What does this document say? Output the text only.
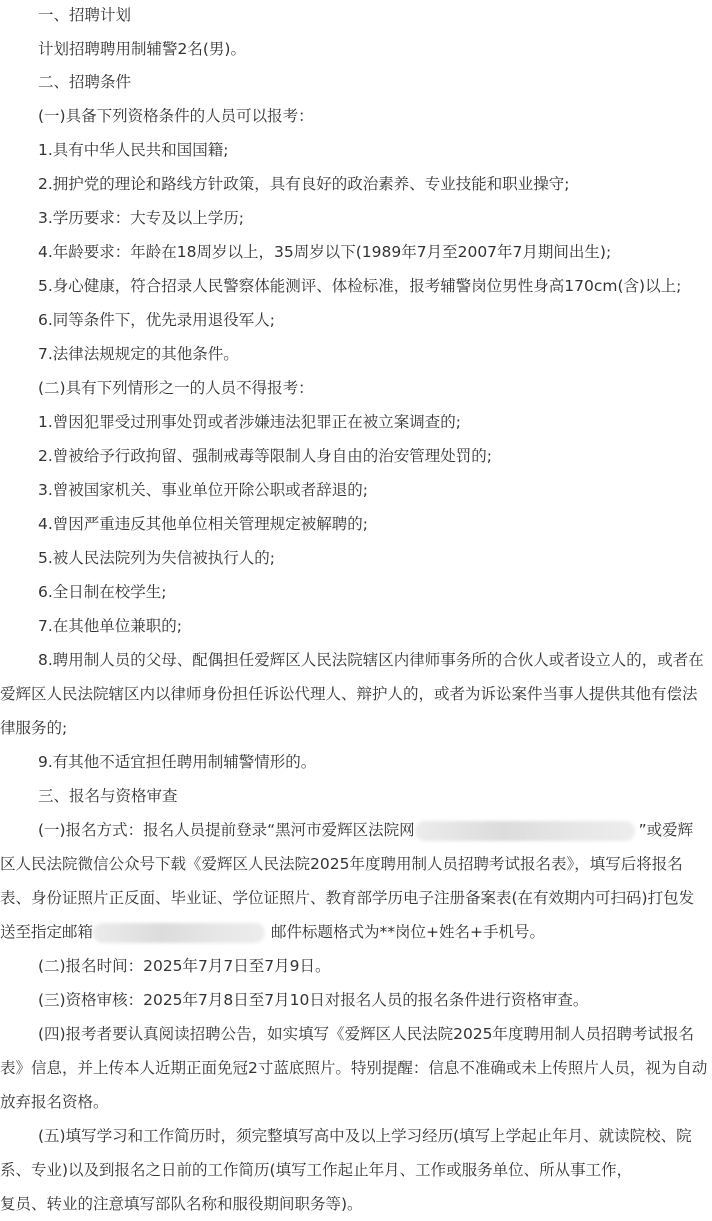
一、招聘计划

计划招聘聘用制辅警2名(男)。

二、招聘条件

(一)具备下列资格条件的人员可以报考：

1.具有中华人民共和国国籍;

2.拥护党的理论和路线方针政策，具有良好的政治素养、专业技能和职业操守;

3.学历要求：大专及以上学历;

4.年龄要求：年龄在18周岁以上，35周岁以下(1989年7月至2007年7月期间出生);

5.身心健康，符合招录人民警察体能测评、体检标准，报考辅警岗位男性身高170cm(含)以上;

6.同等条件下，优先录用退役军人;

7.法律法规规定的其他条件。

(二)具有下列情形之一的人员不得报考：

1.曾因犯罪受过刑事处罚或者涉嫌违法犯罪正在被立案调查的;

2.曾被给予行政拘留、强制戒毒等限制人身自由的治安管理处罚的;

3.曾被国家机关、事业单位开除公职或者辞退的;

4.曾因严重违反其他单位相关管理规定被解聘的;

5.被人民法院列为失信被执行人的;

6.全日制在校学生;

7.在其他单位兼职的;

8.聘用制人员的父母、配偶担任爱辉区人民法院辖区内律师事务所的合伙人或者设立人的，或者在爱辉区人民法院辖区内以律师身份担任诉讼代理人、辩护人的，或者为诉讼案件当事人提供其他有偿法律服务的;

9.有其他不适宜担任聘用制辅警情形的。

三、报名与资格审查

(一)报名方式：报名人员提前登录“黑河市爱辉区法院网	”或爱辉区人民法院微信公众号下载《爱辉区人民法院2025年度聘用制人员招聘考试报名表》，填写后将报名表、身份证照片正反面、毕业证、学位证照片、教育部学历电子注册备案表(在有效期内可扫码)打包发送至指定邮箱	邮件标题格式为**岗位+姓名+手机号。

(二)报名时间：2025年7月7日至7月9日。

(三)资格审核：2025年7月8日至7月10日对报名人员的报名条件进行资格审查。

(四)报考者要认真阅读招聘公告，如实填写《爱辉区人民法院2025年度聘用制人员招聘考试报名表》信息，并上传本人近期正面免冠2寸蓝底照片。特别提醒：信息不准确或未上传照片人员，视为自动放弃报名资格。

(五)填写学习和工作简历时，须完整填写高中及以上学习经历(填写上学起止年月、就读院校、院系、专业)以及到报名之日前的工作简历(填写工作起止年月、工作或服务单位、所从事工作，

复员、转业的注意填写部队名称和服役期间职务等)。
